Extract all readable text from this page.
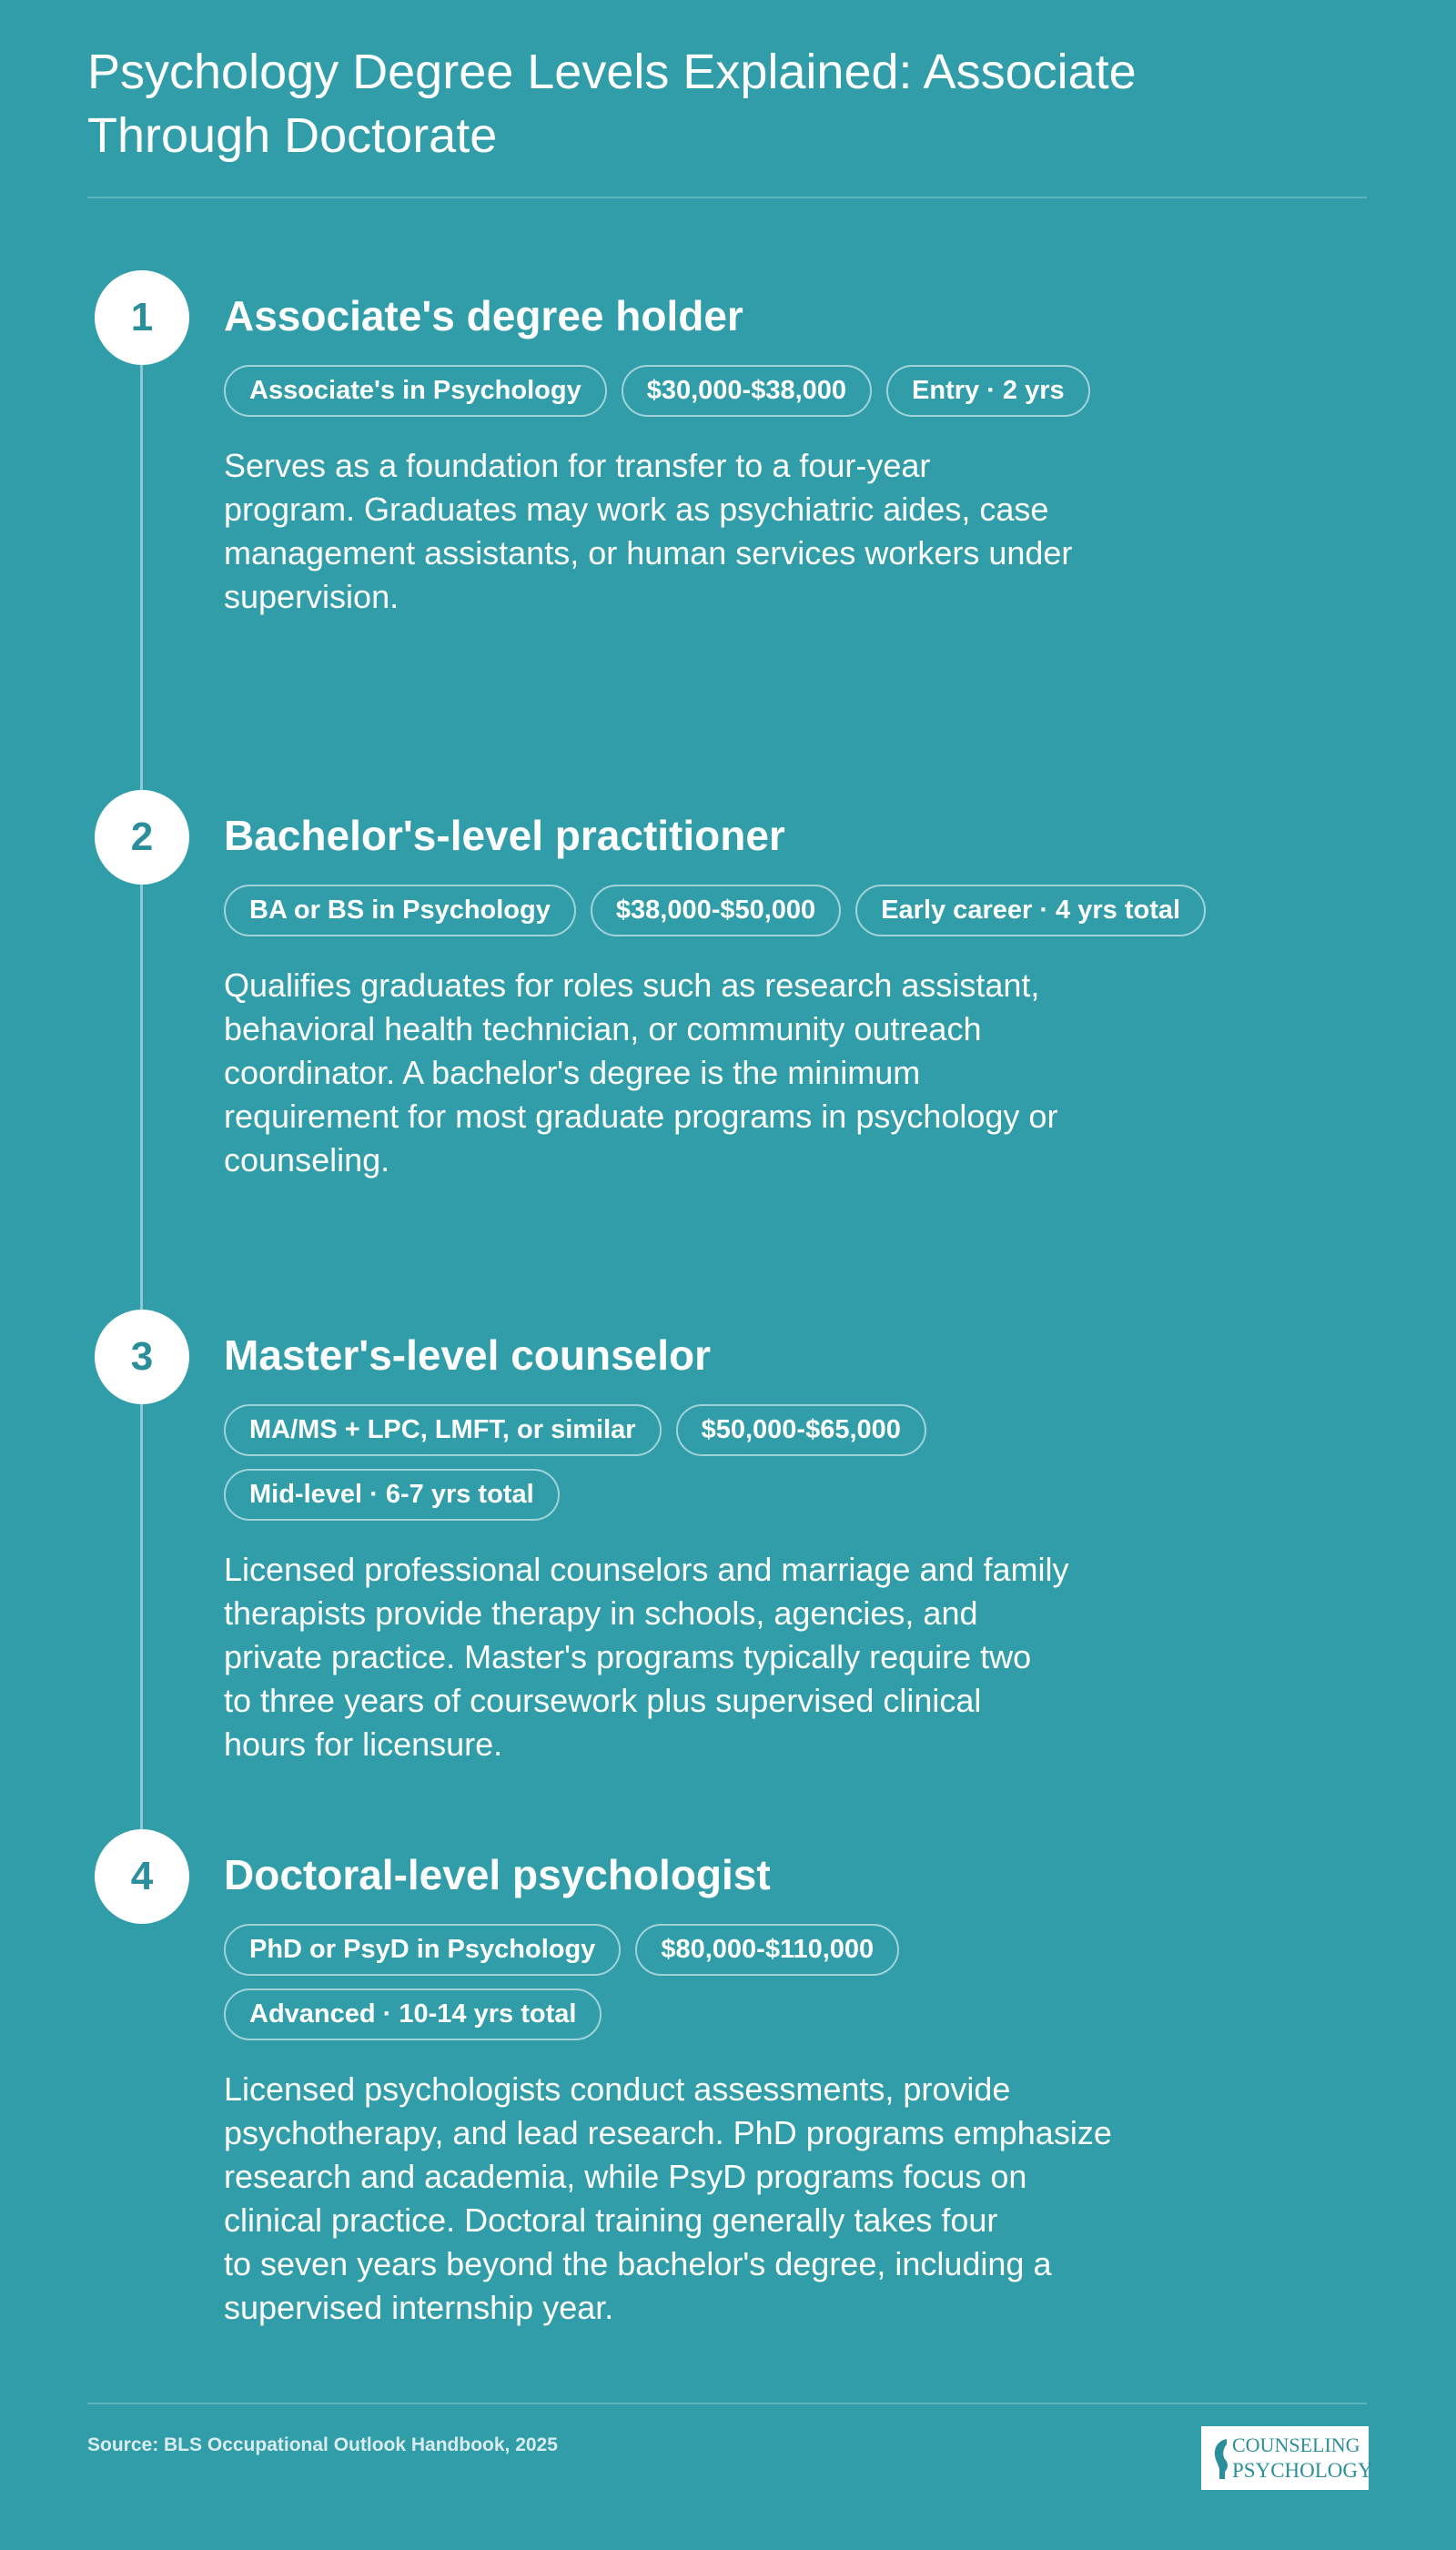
Psychology Degree Levels Explained: Associate
Through Doctorate
1	Associate's degree holder
Associate's in Psychology	$30,000-$38,000	Entry · 2 yrs

Serves as a foundation for transfer to a four-year
program. Graduates may work as psychiatric aides, case
management assistants, or human services workers under
supervision.

2	Bachelor's-level practitioner
BA or BS in Psychology	$38,000-$50,000	Early career · 4 yrs total

Qualifies graduates for roles such as research assistant,
behavioral health technician, or community outreach
coordinator. A bachelor's degree is the minimum
requirement for most graduate programs in psychology or
counseling.

3	Master's-level counselor
MA/MS + LPC, LMFT, or similar	$50,000-$65,000
Mid-level · 6-7 yrs total

Licensed professional counselors and marriage and family
therapists provide therapy in schools, agencies, and
private practice. Master's programs typically require two
to three years of coursework plus supervised clinical
hours for licensure.

4	Doctoral-level psychologist
PhD or PsyD in Psychology	$80,000-$110,000
Advanced · 10-14 yrs total

Licensed psychologists conduct assessments, provide
psychotherapy, and lead research. PhD programs emphasize
research and academia, while PsyD programs focus on
clinical practice. Doctoral training generally takes four
to seven years beyond the bachelor's degree, including a
supervised internship year.

Source: BLS Occupational Outlook Handbook, 2025	COUNSELING
PSYCHOLOGY
